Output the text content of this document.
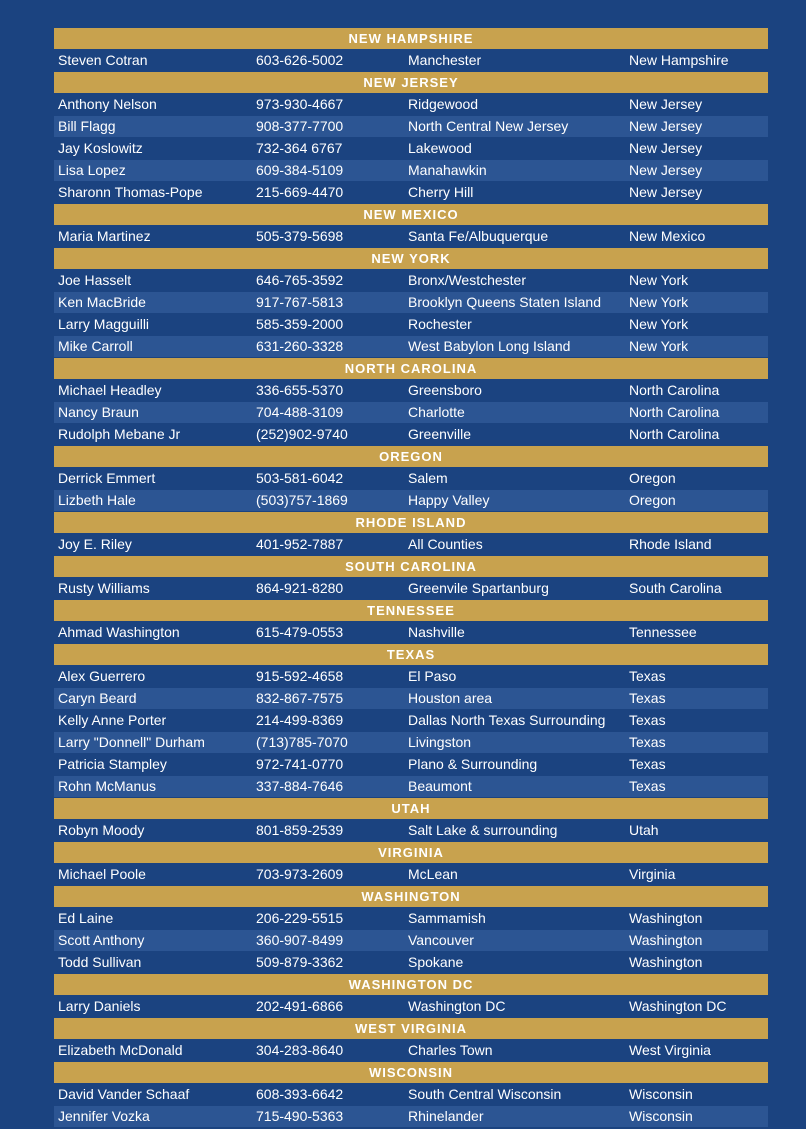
NEW HAMPSHIRE
Steven Cotran	603-626-5002	Manchester	New Hampshire
NEW JERSEY
Anthony Nelson	973-930-4667	Ridgewood	New Jersey
Bill Flagg	908-377-7700	North Central New Jersey	New Jersey
Jay Koslowitz	732-364 6767	Lakewood	New Jersey
Lisa Lopez	609-384-5109	Manahawkin	New Jersey
Sharonn Thomas-Pope	215-669-4470	Cherry Hill	New Jersey
NEW MEXICO
Maria Martinez	505-379-5698	Santa Fe/Albuquerque	New Mexico
NEW YORK
Joe Hasselt	646-765-3592	Bronx/Westchester	New York
Ken MacBride	917-767-5813	Brooklyn Queens Staten Island	New York
Larry Magguilli	585-359-2000	Rochester	New York
Mike Carroll	631-260-3328	West Babylon Long Island	New York
NORTH CAROLINA
Michael Headley	336-655-5370	Greensboro	North Carolina
Nancy Braun	704-488-3109	Charlotte	North Carolina
Rudolph Mebane Jr	(252)902-9740	Greenville	North Carolina
OREGON
Derrick Emmert	503-581-6042	Salem	Oregon
Lizbeth Hale	(503)757-1869	Happy Valley	Oregon
RHODE ISLAND
Joy E. Riley	401-952-7887	All Counties	Rhode Island
SOUTH CAROLINA
Rusty Williams	864-921-8280	Greenvile Spartanburg	South Carolina
TENNESSEE
Ahmad Washington	615-479-0553	Nashville	Tennessee
TEXAS
Alex Guerrero	915-592-4658	El Paso	Texas
Caryn Beard	832-867-7575	Houston area	Texas
Kelly Anne Porter	214-499-8369	Dallas North Texas Surrounding	Texas
Larry "Donnell" Durham	(713)785-7070	Livingston	Texas
Patricia Stampley	972-741-0770	Plano & Surrounding	Texas
Rohn McManus	337-884-7646	Beaumont	Texas
UTAH
Robyn Moody	801-859-2539	Salt Lake & surrounding	Utah
VIRGINIA
Michael Poole	703-973-2609	McLean	Virginia
WASHINGTON
Ed Laine	206-229-5515	Sammamish	Washington
Scott Anthony	360-907-8499	Vancouver	Washington
Todd Sullivan	509-879-3362	Spokane	Washington
WASHINGTON DC
Larry Daniels	202-491-6866	Washington DC	Washington DC
WEST VIRGINIA
Elizabeth McDonald	304-283-8640	Charles Town	West Virginia
WISCONSIN
David Vander Schaaf	608-393-6642	South Central Wisconsin	Wisconsin
Jennifer Vozka	715-490-5363	Rhinelander	Wisconsin
